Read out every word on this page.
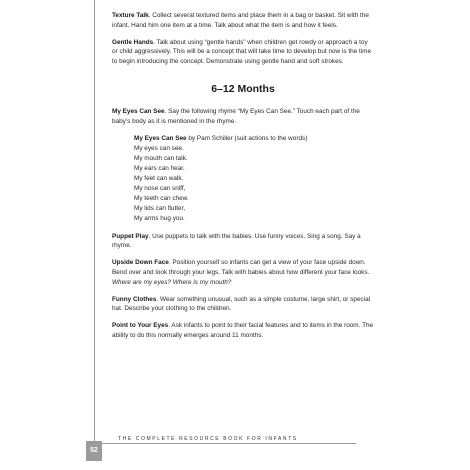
Texture Talk. Collect several textured items and place them in a bag or basket. Sit with the infant. Hand him one item at a time. Talk about what the item is and how it feels.

Gentle Hands. Talk about using “gentle hands” when children get rowdy or approach a toy or child aggressively. This will be a concept that will take time to develop but now is the time to begin introducing the concept. Demonstrate using gentle hand and soft strokes.

6–12 Months

My Eyes Can See. Say the following rhyme “My Eyes Can See.” Touch each part of the baby’s body as it is mentioned in the rhyme.

My Eyes Can See by Pam Schiller (suit actions to the words)
My eyes can see.
My mouth can talk.
My ears can hear.
My feet can walk.
My nose can sniff,
My teeth can chew.
My lids can flutter,
My arms hug you.

Puppet Play. Use puppets to talk with the babies. Use funny voices. Sing a song. Say a rhyme.

Upside Down Face. Position yourself so infants can get a view of your face upside down. Bend over and look through your legs. Talk with babies about how different your face looks. Where are my eyes? Where is my mouth?

Funny Clothes. Wear something unusual, such as a simple costume, large shirt, or special hat. Describe your clothing to the children.

Point to Your Eyes. Ask infants to point to their facial features and to items in the room. The ability to do this normally emerges around 11 months.

THE COMPLETE RESOURCE BOOK FOR INFANTS
52
